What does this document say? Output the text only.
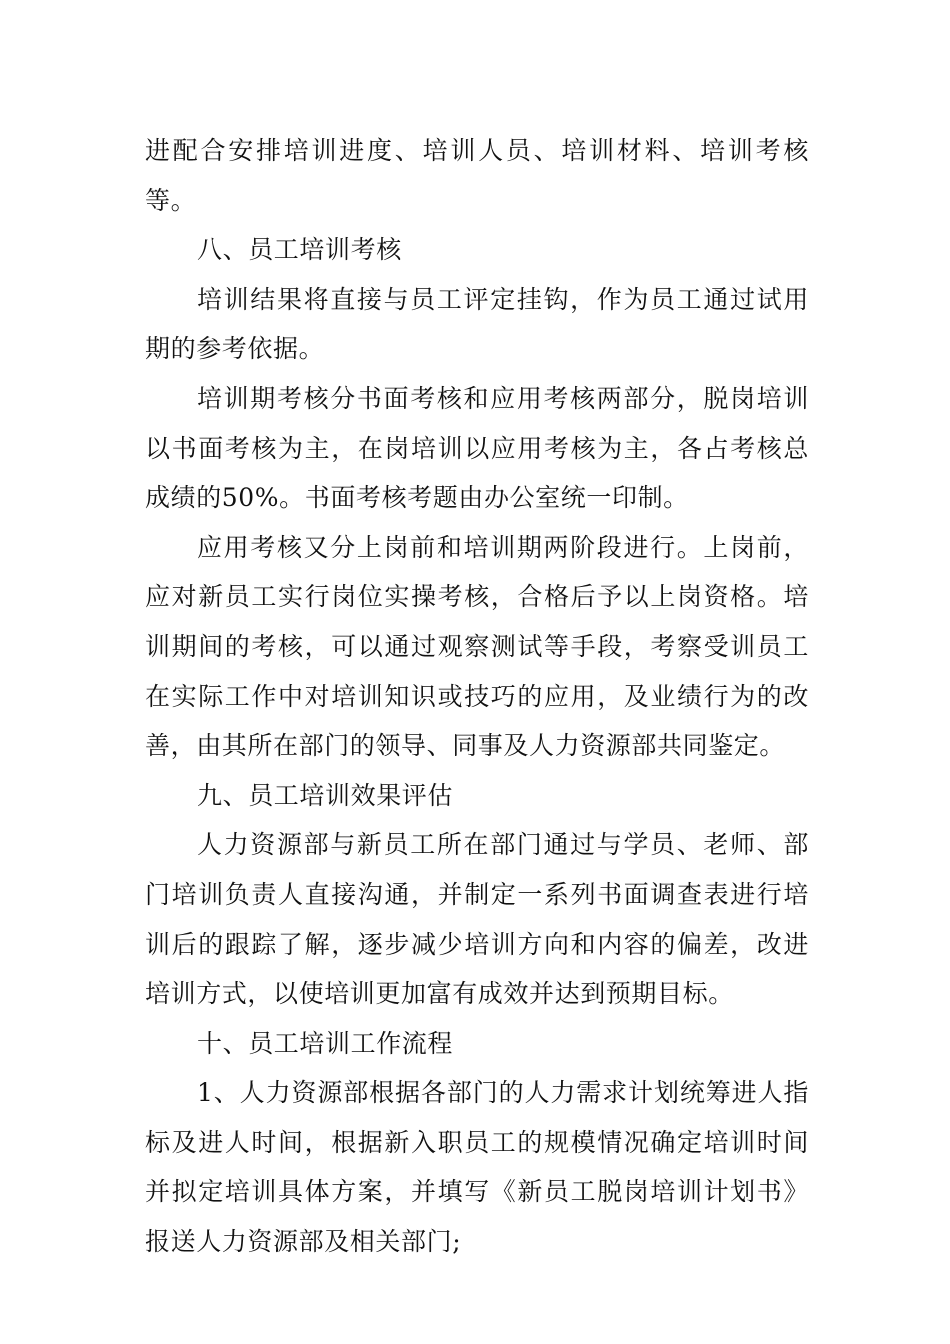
进配合安排培训进度、培训人员、培训材料、培训考核等。

八、员工培训考核

培训结果将直接与员工评定挂钩，作为员工通过试用期的参考依据。

培训期考核分书面考核和应用考核两部分，脱岗培训以书面考核为主，在岗培训以应用考核为主，各占考核总成绩的50%。书面考核考题由办公室统一印制。

应用考核又分上岗前和培训期两阶段进行。上岗前，应对新员工实行岗位实操考核，合格后予以上岗资格。培训期间的考核，可以通过观察测试等手段，考察受训员工在实际工作中对培训知识或技巧的应用，及业绩行为的改善，由其所在部门的领导、同事及人力资源部共同鉴定。

九、员工培训效果评估

人力资源部与新员工所在部门通过与学员、老师、部门培训负责人直接沟通，并制定一系列书面调查表进行培训后的跟踪了解，逐步减少培训方向和内容的偏差，改进培训方式，以使培训更加富有成效并达到预期目标。

十、员工培训工作流程

1、人力资源部根据各部门的人力需求计划统筹进人指标及进人时间，根据新入职员工的规模情况确定培训时间并拟定培训具体方案，并填写《新员工脱岗培训计划书》报送人力资源部及相关部门;
